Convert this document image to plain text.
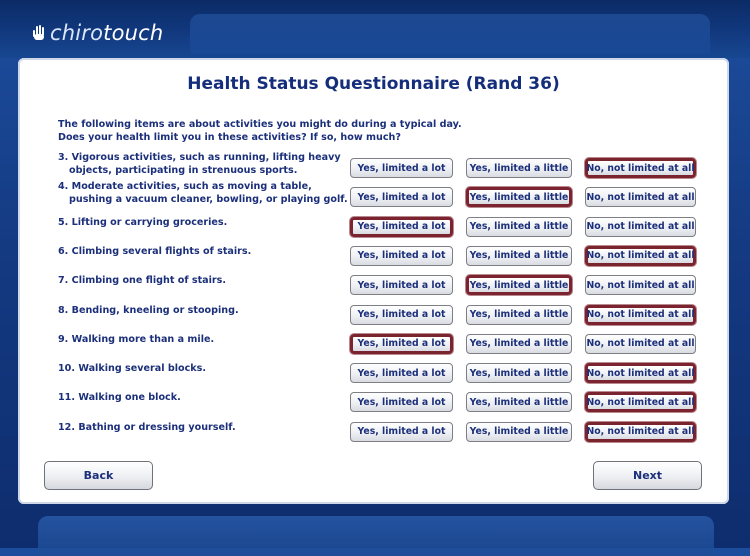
chirotouch
Health Status Questionnaire (Rand 36)
The following items are about activities you might do during a typical day.
Does your health limit you in these activities? If so, how much?
3. Vigorous activities, such as running, lifting heavy
objects, participating in strenuous sports.	Yes, limited a lot	Yes, limited a little	No, not limited at all
4. Moderate activities, such as moving a table,
pushing a vacuum cleaner, bowling, or playing golf.	Yes, limited a lot	Yes, limited a little	No, not limited at all
5. Lifting or carrying groceries.	Yes, limited a lot	Yes, limited a little	No, not limited at all
6. Climbing several flights of stairs.	Yes, limited a lot	Yes, limited a little	No, not limited at all
7. Climbing one flight of stairs.	Yes, limited a lot	Yes, limited a little	No, not limited at all
8. Bending, kneeling or stooping.	Yes, limited a lot	Yes, limited a little	No, not limited at all
9. Walking more than a mile.	Yes, limited a lot	Yes, limited a little	No, not limited at all
10. Walking several blocks.	Yes, limited a lot	Yes, limited a little	No, not limited at all
11. Walking one block.	Yes, limited a lot	Yes, limited a little	No, not limited at all
12. Bathing or dressing yourself.	Yes, limited a lot	Yes, limited a little	No, not limited at all
Back	Next
